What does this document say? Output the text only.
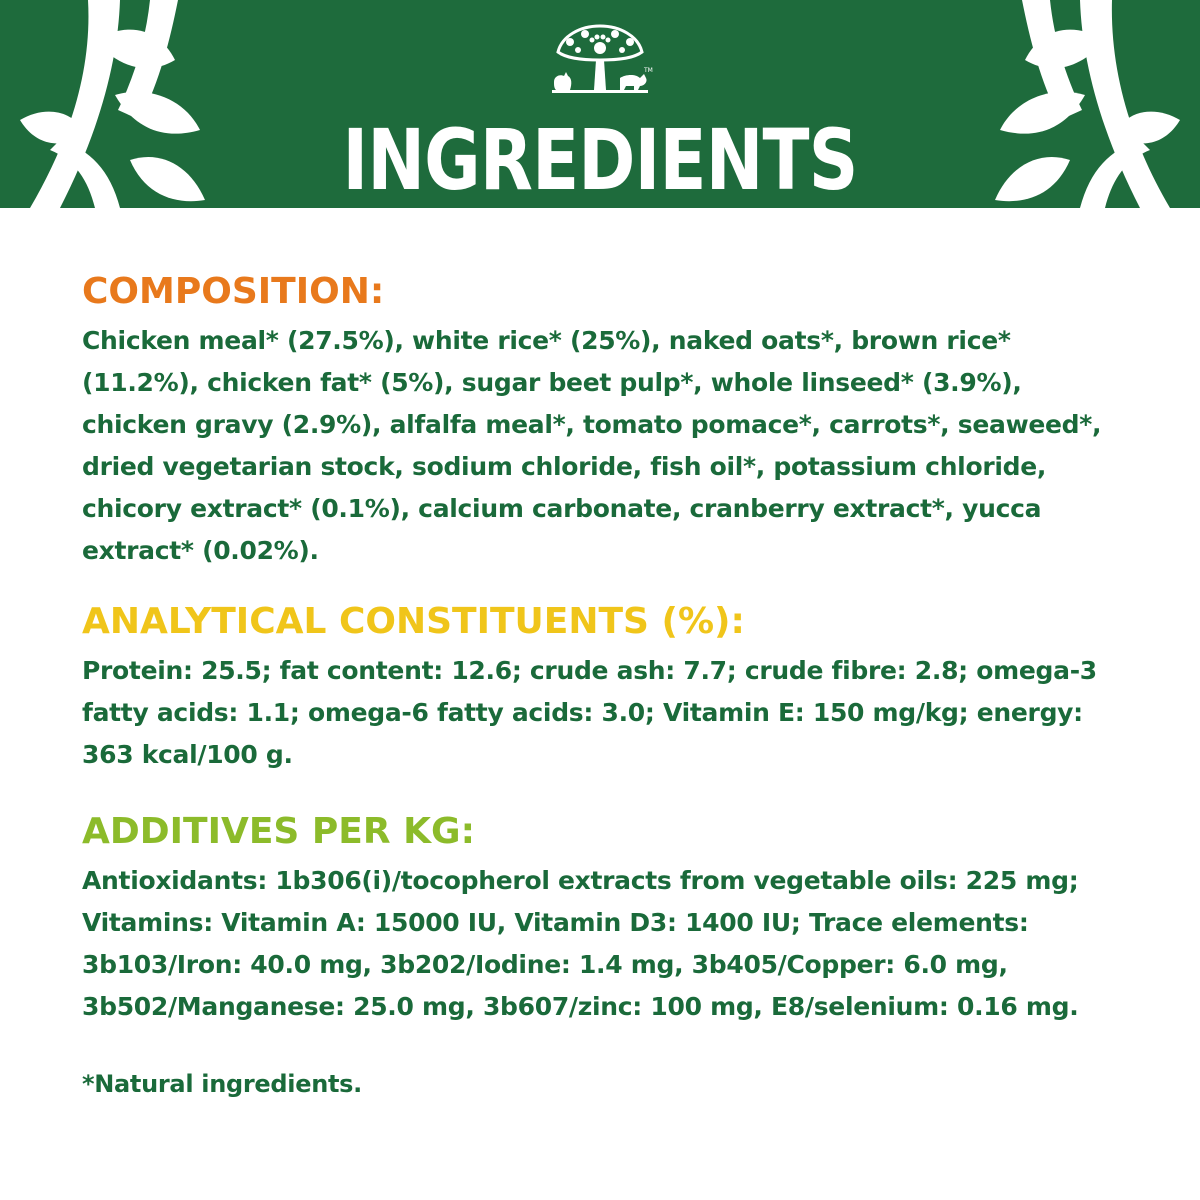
TM
INGREDIENTS
COMPOSITION:

Chicken meal* (27.5%), white rice* (25%), naked oats*, brown rice* (11.2%), chicken fat* (5%), sugar beet pulp*, whole linseed* (3.9%), chicken gravy (2.9%), alfalfa meal*, tomato pomace*, carrots*, seaweed*, dried vegetarian stock, sodium chloride, fish oil*, potassium chloride, chicory extract* (0.1%), calcium carbonate, cranberry extract*, yucca extract* (0.02%).

ANALYTICAL CONSTITUENTS (%):

Protein: 25.5; fat content: 12.6; crude ash: 7.7; crude fibre: 2.8; omega-3 fatty acids: 1.1; omega-6 fatty acids: 3.0; Vitamin E: 150 mg/kg; energy: 363 kcal/100 g.

ADDITIVES PER KG:

Antioxidants: 1b306(i)/tocopherol extracts from vegetable oils: 225 mg; Vitamins: Vitamin A: 15000 IU, Vitamin D3: 1400 IU; Trace elements: 3b103/Iron: 40.0 mg, 3b202/Iodine: 1.4 mg, 3b405/Copper: 6.0 mg, 3b502/Manganese: 25.0 mg, 3b607/zinc: 100 mg, E8/selenium: 0.16 mg.

*Natural ingredients.
